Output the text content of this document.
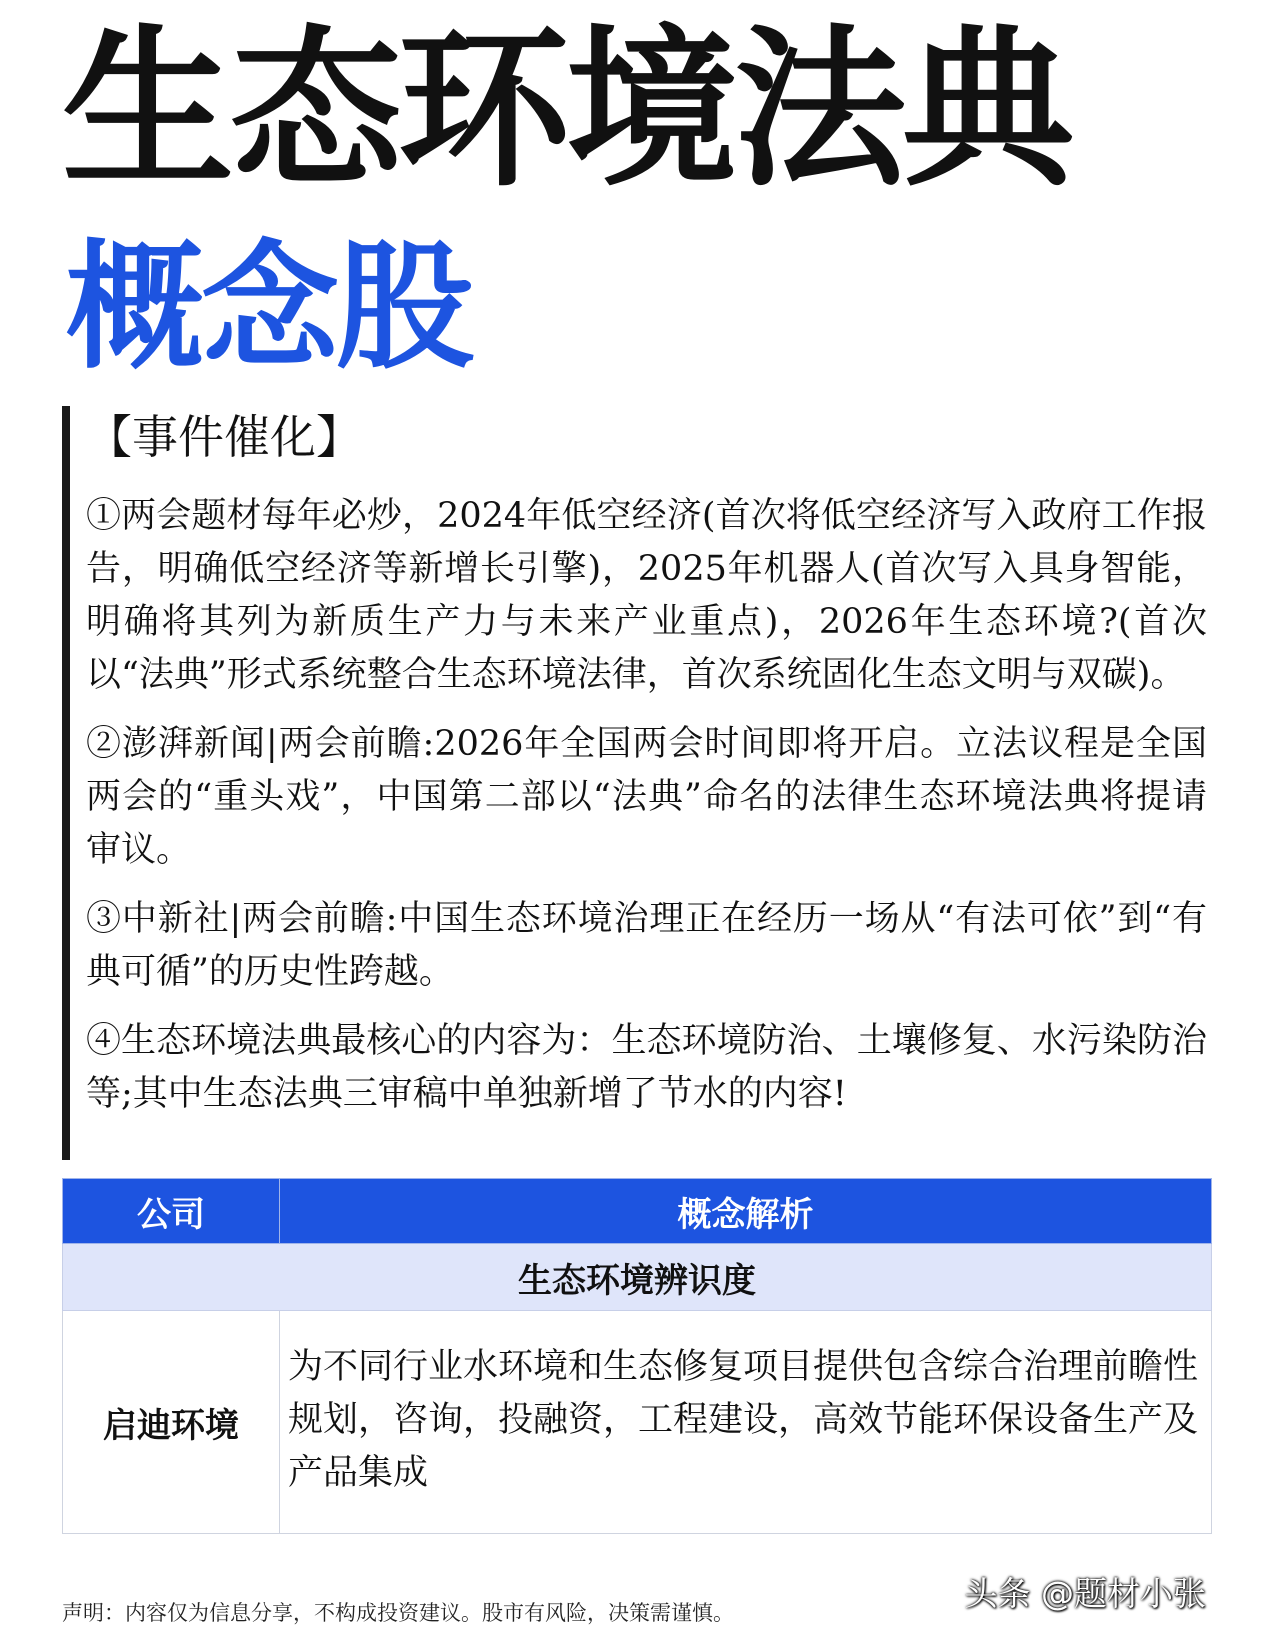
生态环境法典
概念股
【事件催化】

①两会题材每年必炒，2024年低空经济(首次将低空经济写入政府工作报告，明确低空经济等新增长引擎)，2025年机器人(首次写入具身智能，明确将其列为新质生产力与未来产业重点)，2026年生态环境?(首次以“法典”形式系统整合生态环境法律，首次系统固化生态文明与双碳)。

②澎湃新闻|两会前瞻:2026年全国两会时间即将开启。立法议程是全国两会的“重头戏”，中国第二部以“法典”命名的法律生态环境法典将提请审议。

③中新社|两会前瞻:中国生态环境治理正在经历一场从“有法可依”到“有典可循”的历史性跨越。

④生态环境法典最核心的内容为：生态环境防治、土壤修复、水污染防治等;其中生态法典三审稿中单独新增了节水的内容!

公司	概念解析
生态环境辨识度	
启迪环境	为不同行业水环境和生态修复项目提供包含综合治理前瞻性规划，咨询，投融资，工程建设，高效节能环保设备生产及产品集成
头条 @题材小张
声明：内容仅为信息分享，不构成投资建议。股市有风险，决策需谨慎。
